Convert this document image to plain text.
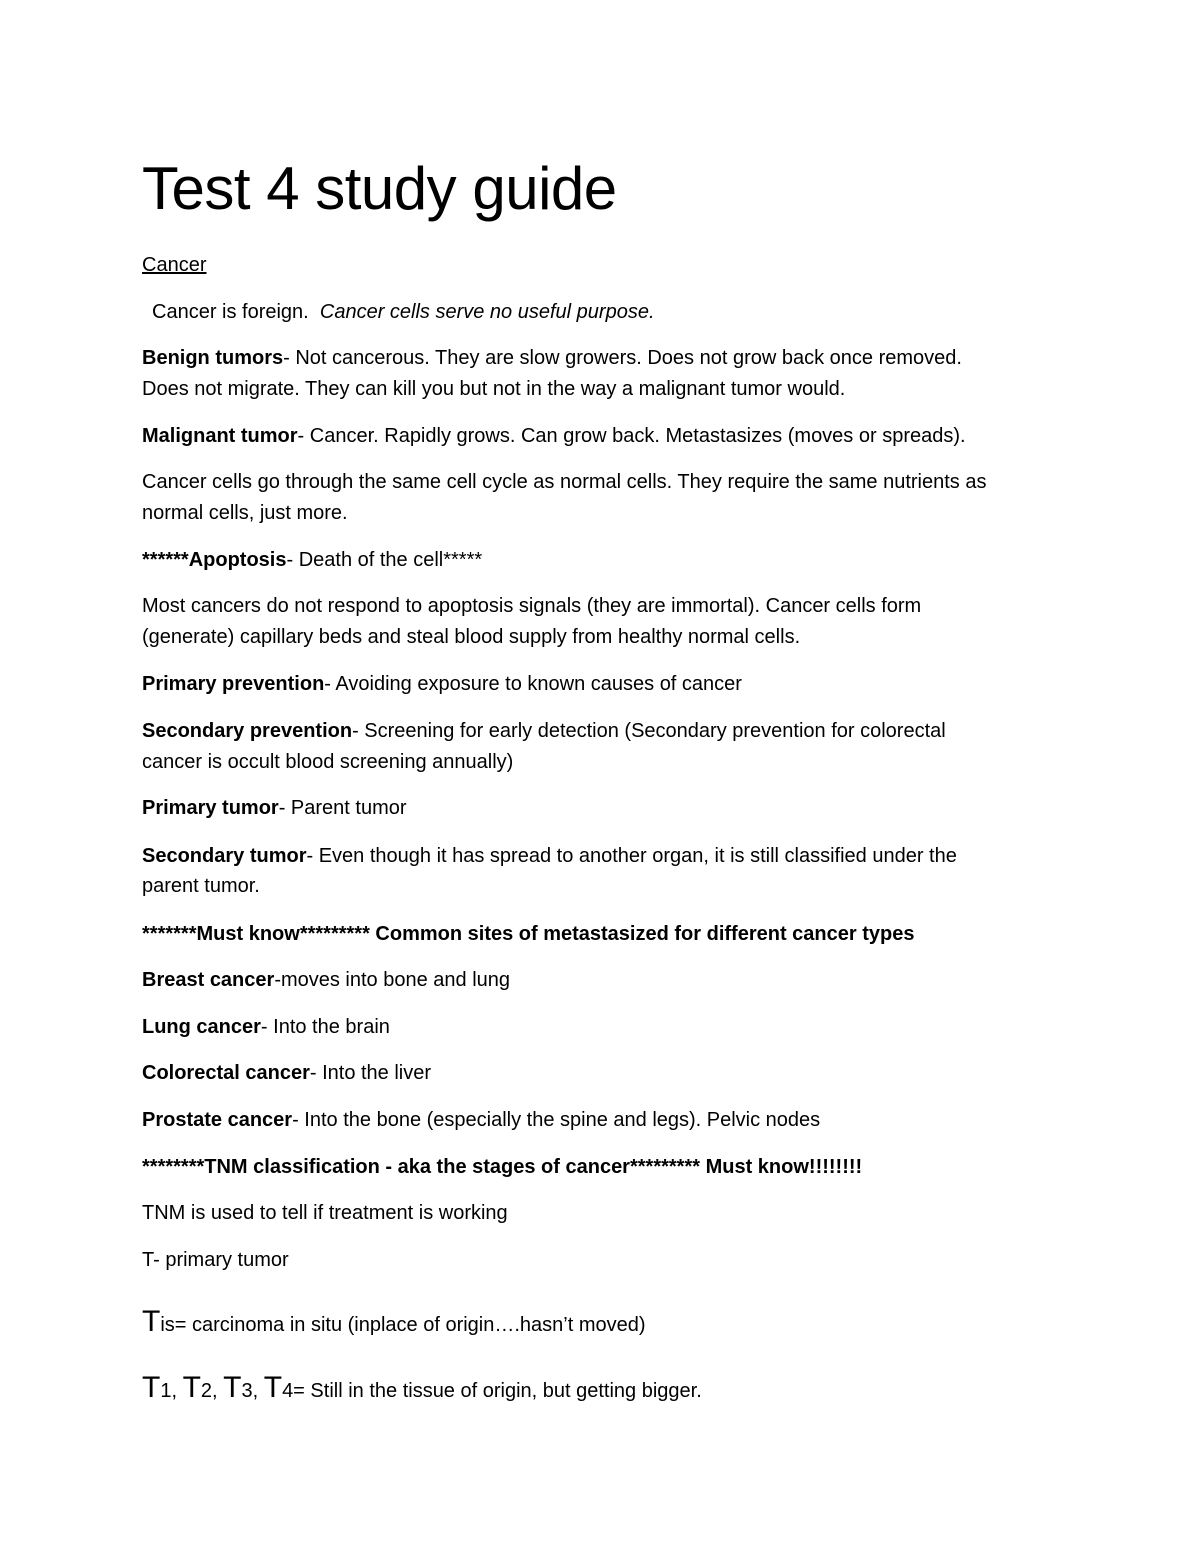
Test 4 study guide
Cancer
Cancer is foreign. Cancer cells serve no useful purpose.
Benign tumors- Not cancerous. They are slow growers. Does not grow back once removed.
Does not migrate. They can kill you but not in the way a malignant tumor would.
Malignant tumor- Cancer. Rapidly grows. Can grow back. Metastasizes (moves or spreads).
Cancer cells go through the same cell cycle as normal cells. They require the same nutrients as
normal cells, just more.
******Apoptosis- Death of the cell*****
Most cancers do not respond to apoptosis signals (they are immortal). Cancer cells form
(generate) capillary beds and steal blood supply from healthy normal cells.
Primary prevention- Avoiding exposure to known causes of cancer
Secondary prevention- Screening for early detection (Secondary prevention for colorectal
cancer is occult blood screening annually)
Primary tumor- Parent tumor
Secondary tumor- Even though it has spread to another organ, it is still classified under the
parent tumor.
*******Must know********* Common sites of metastasized for different cancer types
Breast cancer-moves into bone and lung
Lung cancer- Into the brain
Colorectal cancer- Into the liver
Prostate cancer- Into the bone (especially the spine and legs). Pelvic nodes
********TNM classification - aka the stages of cancer********* Must know!!!!!!!!
TNM is used to tell if treatment is working
T- primary tumor
Tis= carcinoma in situ (inplace of origin….hasn’t moved)
T1, T2, T3, T4= Still in the tissue of origin, but getting bigger.
